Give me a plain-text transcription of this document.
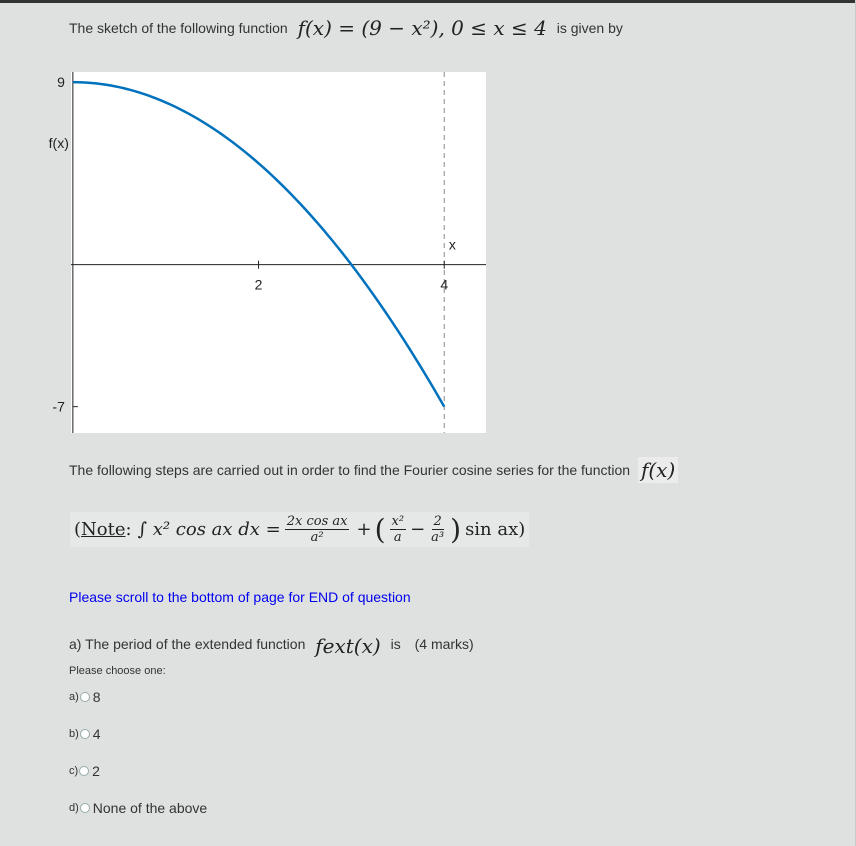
The sketch of the following function f(x) = (9 − x²), 0 ≤ x ≤ 4 is given by
2	4
9
-7
f(x)
x
The following steps are carried out in order to find the Fourier cosine series for the function f(x)
( Note : ∫ x² cos ax dx = $\frac{\text{2x cos ax}}{\text{a²}}$ + ( $\frac{\text{x²}}{a} - \frac{2}{\text{a³}}$ ) sin ax)
Please scroll to the bottom of page for END of question
a) The period of the extended function fext(x) is (4 marks)
Please choose one:
a) 8
b) 4
c) 2
d) None of the above
